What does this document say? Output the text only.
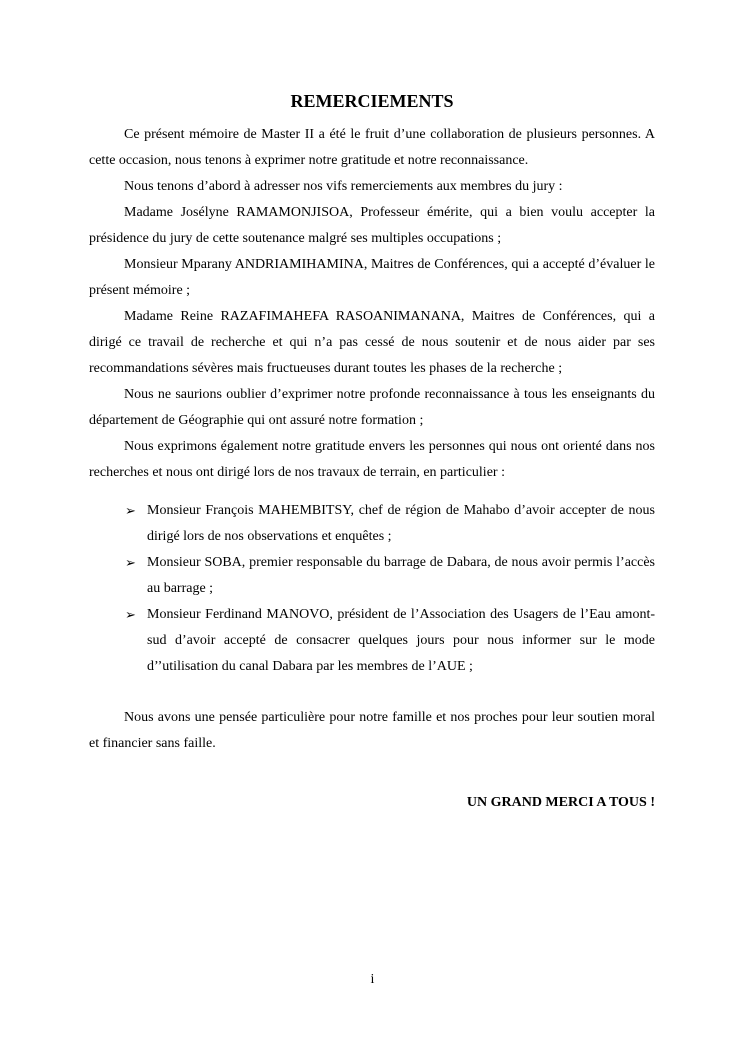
REMERCIEMENTS

Ce présent mémoire de Master II a été le fruit d’une collaboration de plusieurs personnes. A cette occasion, nous tenons à exprimer notre gratitude et notre reconnaissance.

Nous tenons d’abord à adresser nos vifs remerciements aux membres du jury :

Madame Josélyne RAMAMONJISOA, Professeur émérite, qui a bien voulu accepter la présidence du jury de cette soutenance malgré ses multiples occupations ;

Monsieur Mparany ANDRIAMIHAMINA, Maitres de Conférences, qui a accepté d’évaluer le présent mémoire ;

Madame Reine RAZAFIMAHEFA RASOANIMANANA, Maitres de Conférences, qui a dirigé ce travail de recherche et qui n’a pas cessé de nous soutenir et de nous aider par ses recommandations sévères mais fructueuses durant toutes les phases de la recherche ;

Nous ne saurions oublier d’exprimer notre profonde reconnaissance à tous les enseignants du département de Géographie qui ont assuré notre formation ;

Nous exprimons également notre gratitude envers les personnes qui nous ont orienté dans nos recherches et nous ont dirigé lors de nos travaux de terrain, en particulier :

➢ Monsieur François MAHEMBITSY, chef de région de Mahabo d’avoir accepter de nous dirigé lors de nos observations et enquêtes ;
➢ Monsieur SOBA, premier responsable du barrage de Dabara, de nous avoir permis l’accès au barrage ;
➢ Monsieur Ferdinand MANOVO, président de l’Association des Usagers de l’Eau amont-sud d’avoir accepté de consacrer quelques jours pour nous informer sur le mode d’’utilisation du canal Dabara par les membres de l’AUE ;

Nous avons une pensée particulière pour notre famille et nos proches pour leur soutien moral et financier sans faille.

UN GRAND MERCI A TOUS !

i
